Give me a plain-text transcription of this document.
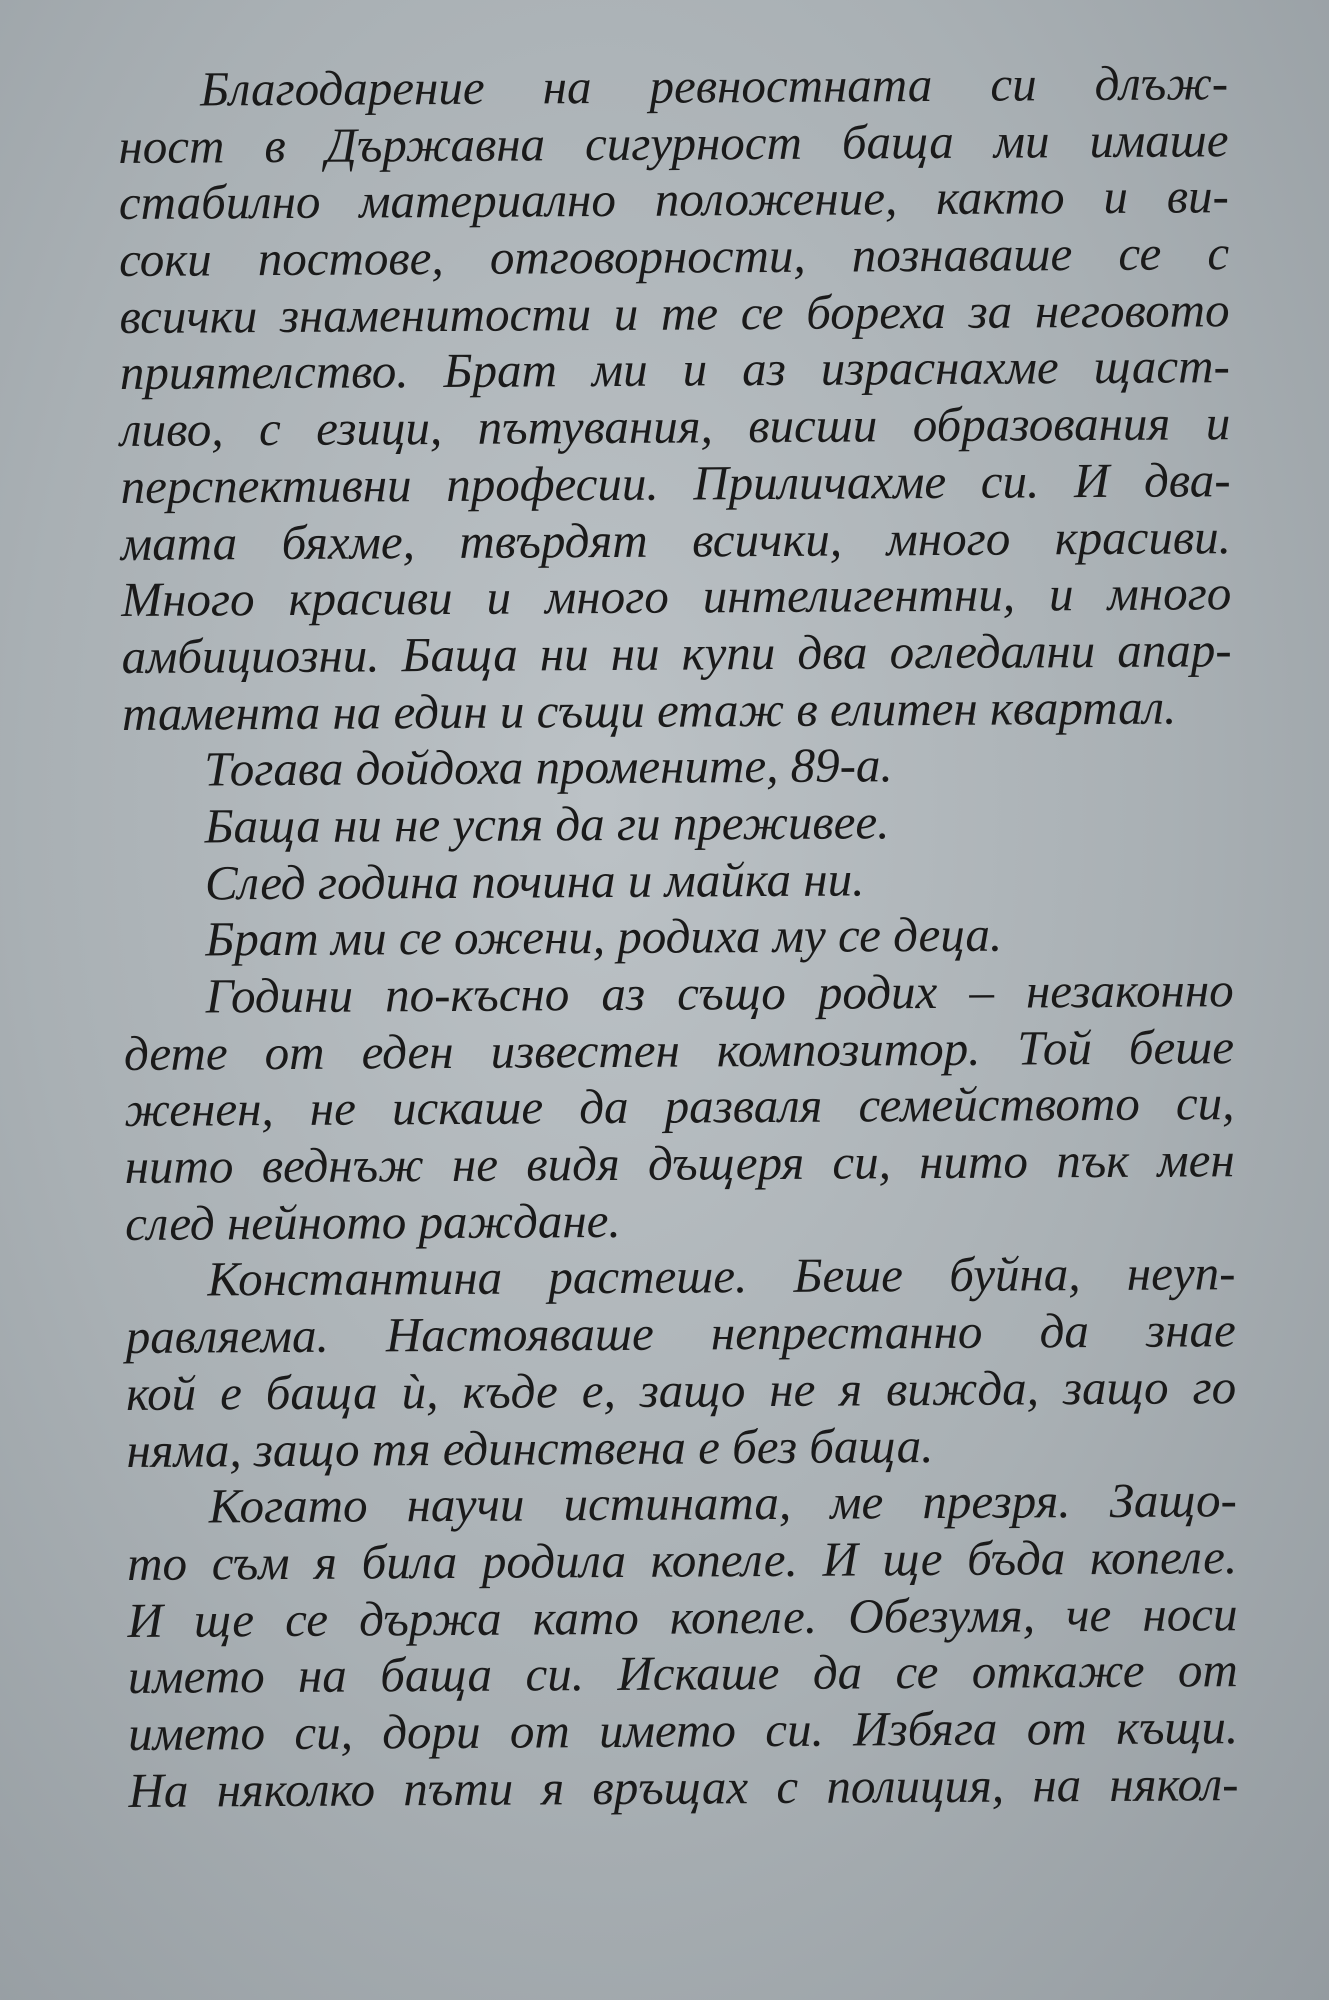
Благодарение на ревностната си длъж-
ност в Държавна сигурност баща ми имаше
стабилно материално положение, както и ви-
соки постове, отговорности, познаваше се с
всички знаменитости и те се бореха за неговото
приятелство. Брат ми и аз израснахме щаст-
ливо, с езици, пътувания, висши образования и
перспективни професии. Приличахме си. И два-
мата бяхме, твърдят всички, много красиви.
Много красиви и много интелигентни, и много
амбициозни. Баща ни ни купи два огледални апар-
тамента на един и същи етаж в елитен квартал.
Тогава дойдоха промените, 89-а.
Баща ни не успя да ги преживее.
След година почина и майка ни.
Брат ми се ожени, родиха му се деца.
Години по-късно аз също родих – незаконно
дете от еден известен композитор. Той беше
женен, не искаше да разваля семейството си,
нито веднъж не видя дъщеря си, нито пък мен
след нейното раждане.
Константина растеше. Беше буйна, неуп-
равляема. Настояваше непрестанно да знае
кой е баща ѝ, къде е, защо не я вижда, защо го
няма, защо тя единствена е без баща.
Когато научи истината, ме презря. Защо-
то съм я била родила копеле. И ще бъда копеле.
И ще се държа като копеле. Обезумя, че носи
името на баща си. Искаше да се откаже от
името си, дори от името си. Избяга от къщи.
На няколко пъти я връщах с полиция, на някол-
